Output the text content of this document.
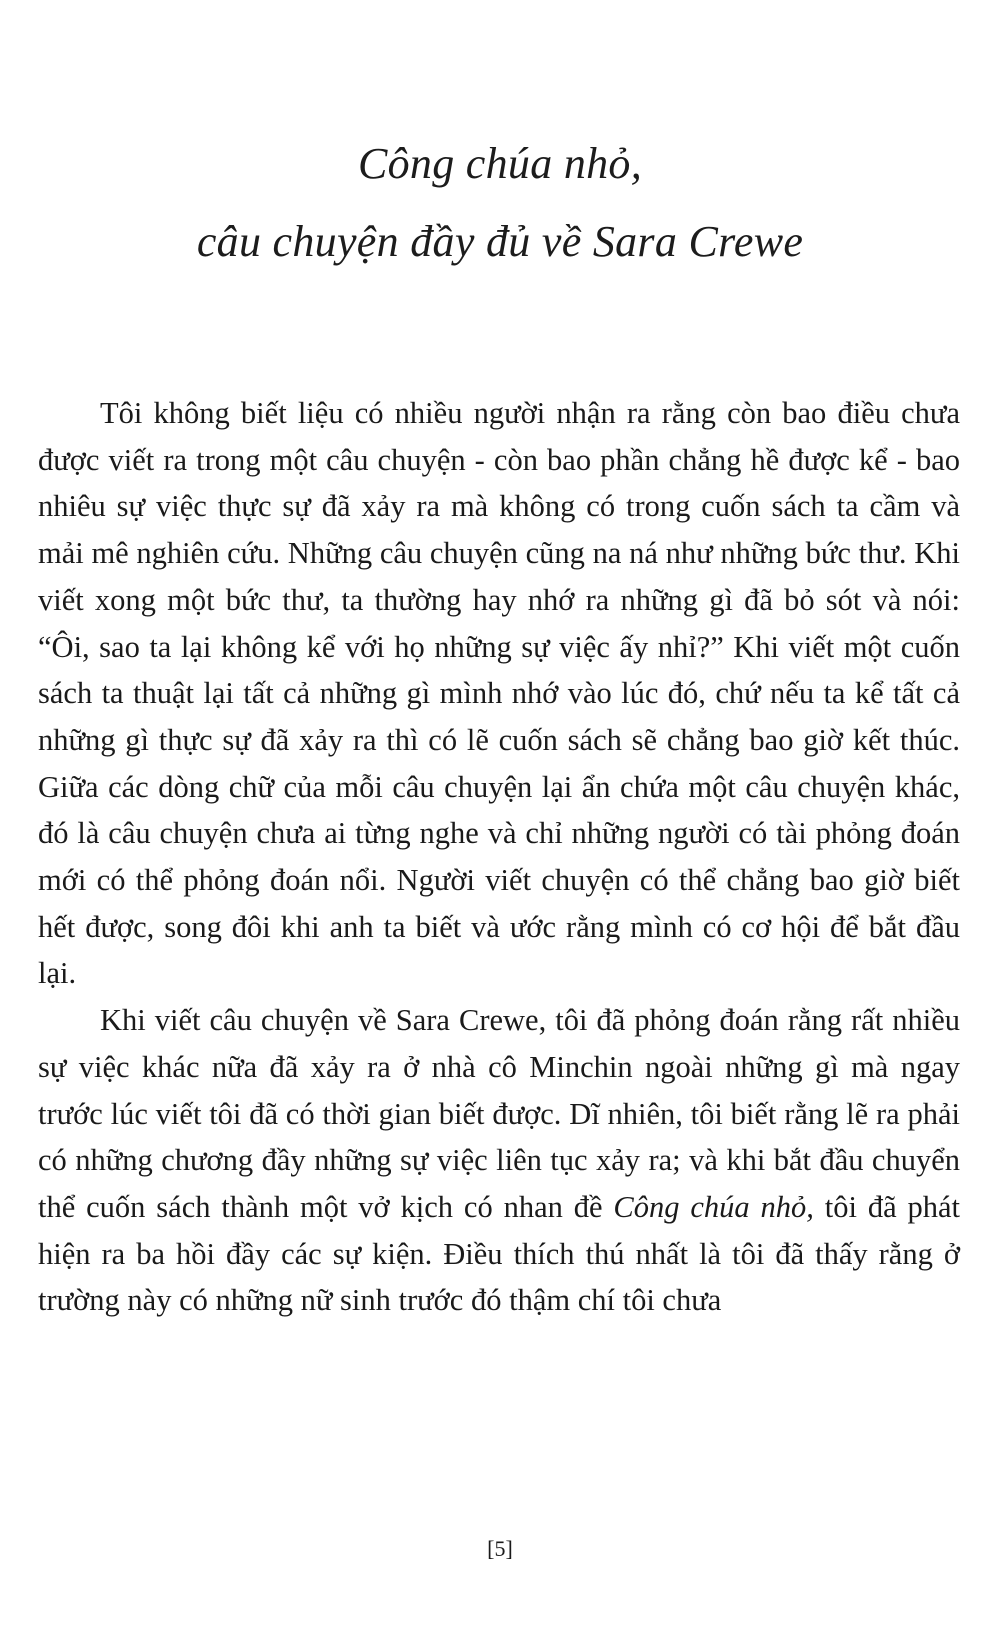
Công chúa nhỏ,
câu chuyện đầy đủ về Sara Crewe

Tôi không biết liệu có nhiều người nhận ra rằng còn bao điều chưa được viết ra trong một câu chuyện - còn bao phần chẳng hề được kể - bao nhiêu sự việc thực sự đã xảy ra mà không có trong cuốn sách ta cầm và mải mê nghiên cứu. Những câu chuyện cũng na ná như những bức thư. Khi viết xong một bức thư, ta thường hay nhớ ra những gì đã bỏ sót và nói: “Ôi, sao ta lại không kể với họ những sự việc ấy nhỉ?” Khi viết một cuốn sách ta thuật lại tất cả những gì mình nhớ vào lúc đó, chứ nếu ta kể tất cả những gì thực sự đã xảy ra thì có lẽ cuốn sách sẽ chẳng bao giờ kết thúc. Giữa các dòng chữ của mỗi câu chuyện lại ẩn chứa một câu chuyện khác, đó là câu chuyện chưa ai từng nghe và chỉ những người có tài phỏng đoán mới có thể phỏng đoán nổi. Người viết chuyện có thể chẳng bao giờ biết hết được, song đôi khi anh ta biết và ước rằng mình có cơ hội để bắt đầu lại.

Khi viết câu chuyện về Sara Crewe, tôi đã phỏng đoán rằng rất nhiều sự việc khác nữa đã xảy ra ở nhà cô Minchin ngoài những gì mà ngay trước lúc viết tôi đã có thời gian biết được. Dĩ nhiên, tôi biết rằng lẽ ra phải có những chương đầy những sự việc liên tục xảy ra; và khi bắt đầu chuyển thể cuốn sách thành một vở kịch có nhan đề Công chúa nhỏ, tôi đã phát hiện ra ba hồi đầy các sự kiện. Điều thích thú nhất là tôi đã thấy rằng ở trường này có những nữ sinh trước đó thậm chí tôi chưa

[5]
